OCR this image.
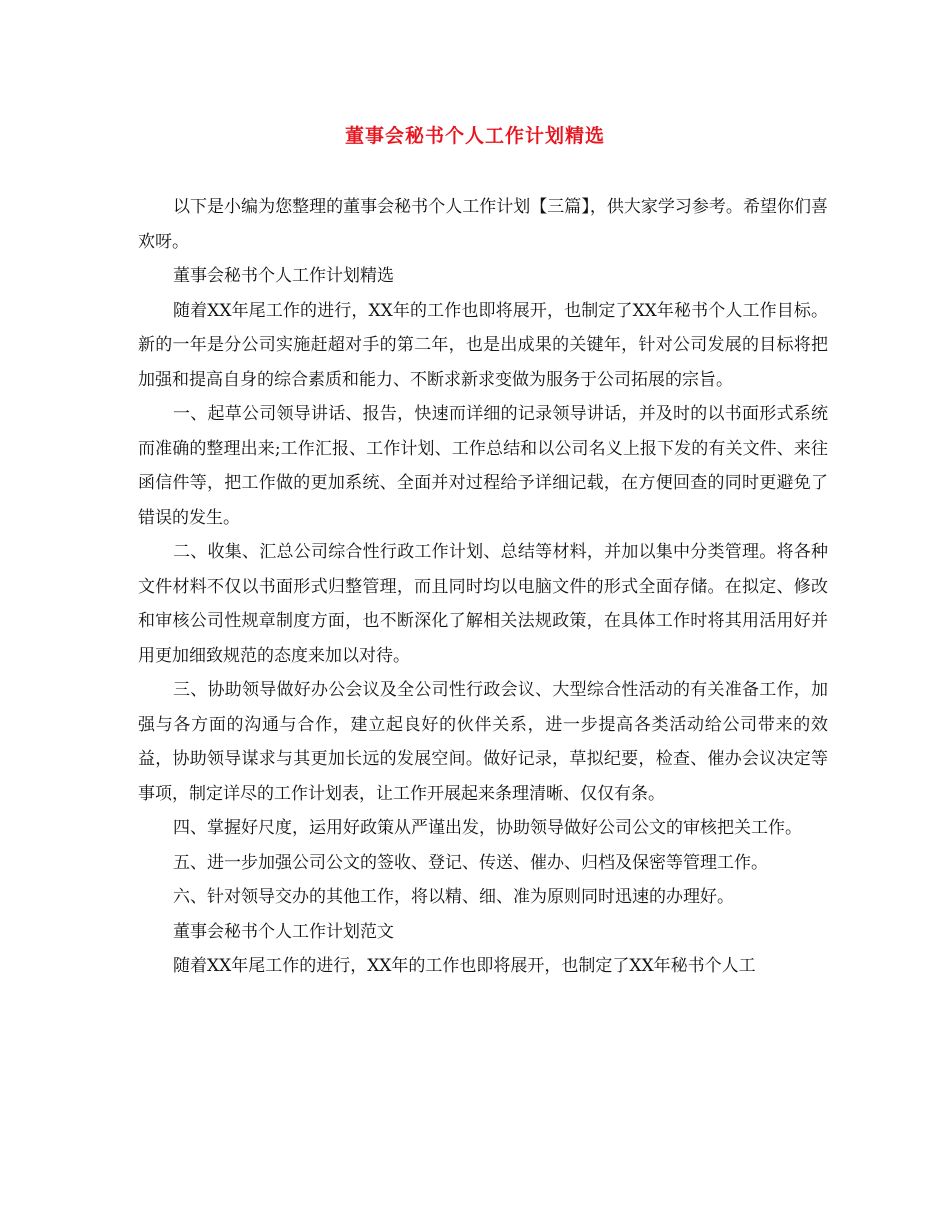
董事会秘书个人工作计划精选

以下是小编为您整理的董事会秘书个人工作计划【三篇】，供大家学习参考。希望你们喜欢呀。

董事会秘书个人工作计划精选

随着XX年尾工作的进行，XX年的工作也即将展开，也制定了XX年秘书个人工作目标。新的一年是分公司实施赶超对手的第二年，也是出成果的关键年，针对公司发展的目标将把加强和提高自身的综合素质和能力、不断求新求变做为服务于公司拓展的宗旨。

一、起草公司领导讲话、报告，快速而详细的记录领导讲话，并及时的以书面形式系统而准确的整理出来;工作汇报、工作计划、工作总结和以公司名义上报下发的有关文件、来往函信件等，把工作做的更加系统、全面并对过程给予详细记载，在方便回查的同时更避免了错误的发生。

二、收集、汇总公司综合性行政工作计划、总结等材料，并加以集中分类管理。将各种文件材料不仅以书面形式归整管理，而且同时均以电脑文件的形式全面存储。在拟定、修改和审核公司性规章制度方面，也不断深化了解相关法规政策，在具体工作时将其用活用好并用更加细致规范的态度来加以对待。

三、协助领导做好办公会议及全公司性行政会议、大型综合性活动的有关准备工作，加强与各方面的沟通与合作，建立起良好的伙伴关系，进一步提高各类活动给公司带来的效益，协助领导谋求与其更加长远的发展空间。做好记录，草拟纪要，检查、催办会议决定等事项，制定详尽的工作计划表，让工作开展起来条理清晰、仅仅有条。

四、掌握好尺度，运用好政策从严谨出发，协助领导做好公司公文的审核把关工作。

五、进一步加强公司公文的签收、登记、传送、催办、归档及保密等管理工作。

六、针对领导交办的其他工作，将以精、细、准为原则同时迅速的办理好。

董事会秘书个人工作计划范文

随着XX年尾工作的进行，XX年的工作也即将展开，也制定了XX年秘书个人工
